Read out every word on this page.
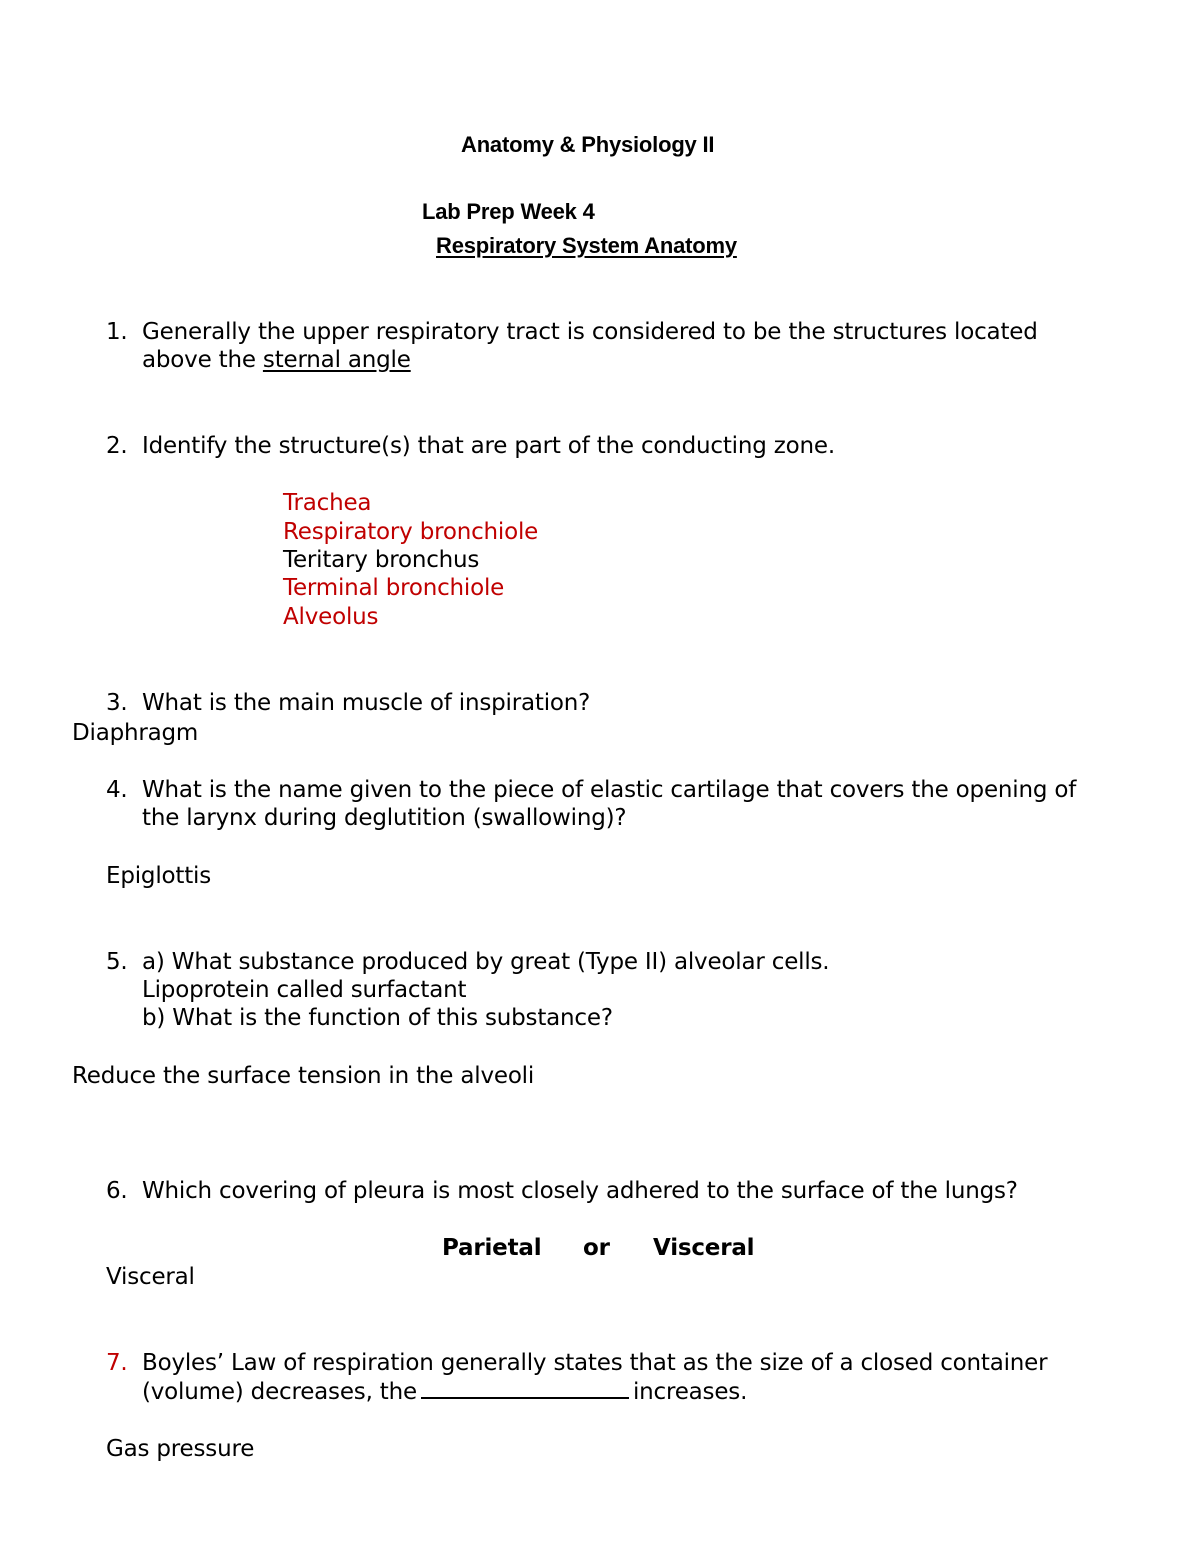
Anatomy & Physiology II
Lab Prep Week 4
Respiratory System Anatomy
1. Generally the upper respiratory tract is considered to be the structures located
above the sternal angle
2. Identify the structure(s) that are part of the conducting zone.
Trachea
Respiratory bronchiole
Teritary bronchus
Terminal bronchiole
Alveolus
3. What is the main muscle of inspiration?
Diaphragm
4. What is the name given to the piece of elastic cartilage that covers the opening of
the larynx during deglutition (swallowing)?
Epiglottis
5. a) What substance produced by great (Type II) alveolar cells.
Lipoprotein called surfactant
b) What is the function of this substance?
Reduce the surface tension in the alveoli
6. Which covering of pleura is most closely adhered to the surface of the lungs?
Parietal or Visceral
Visceral
7. Boyles’ Law of respiration generally states that as the size of a closed container
(volume) decreases, the	increases.
Gas pressure
